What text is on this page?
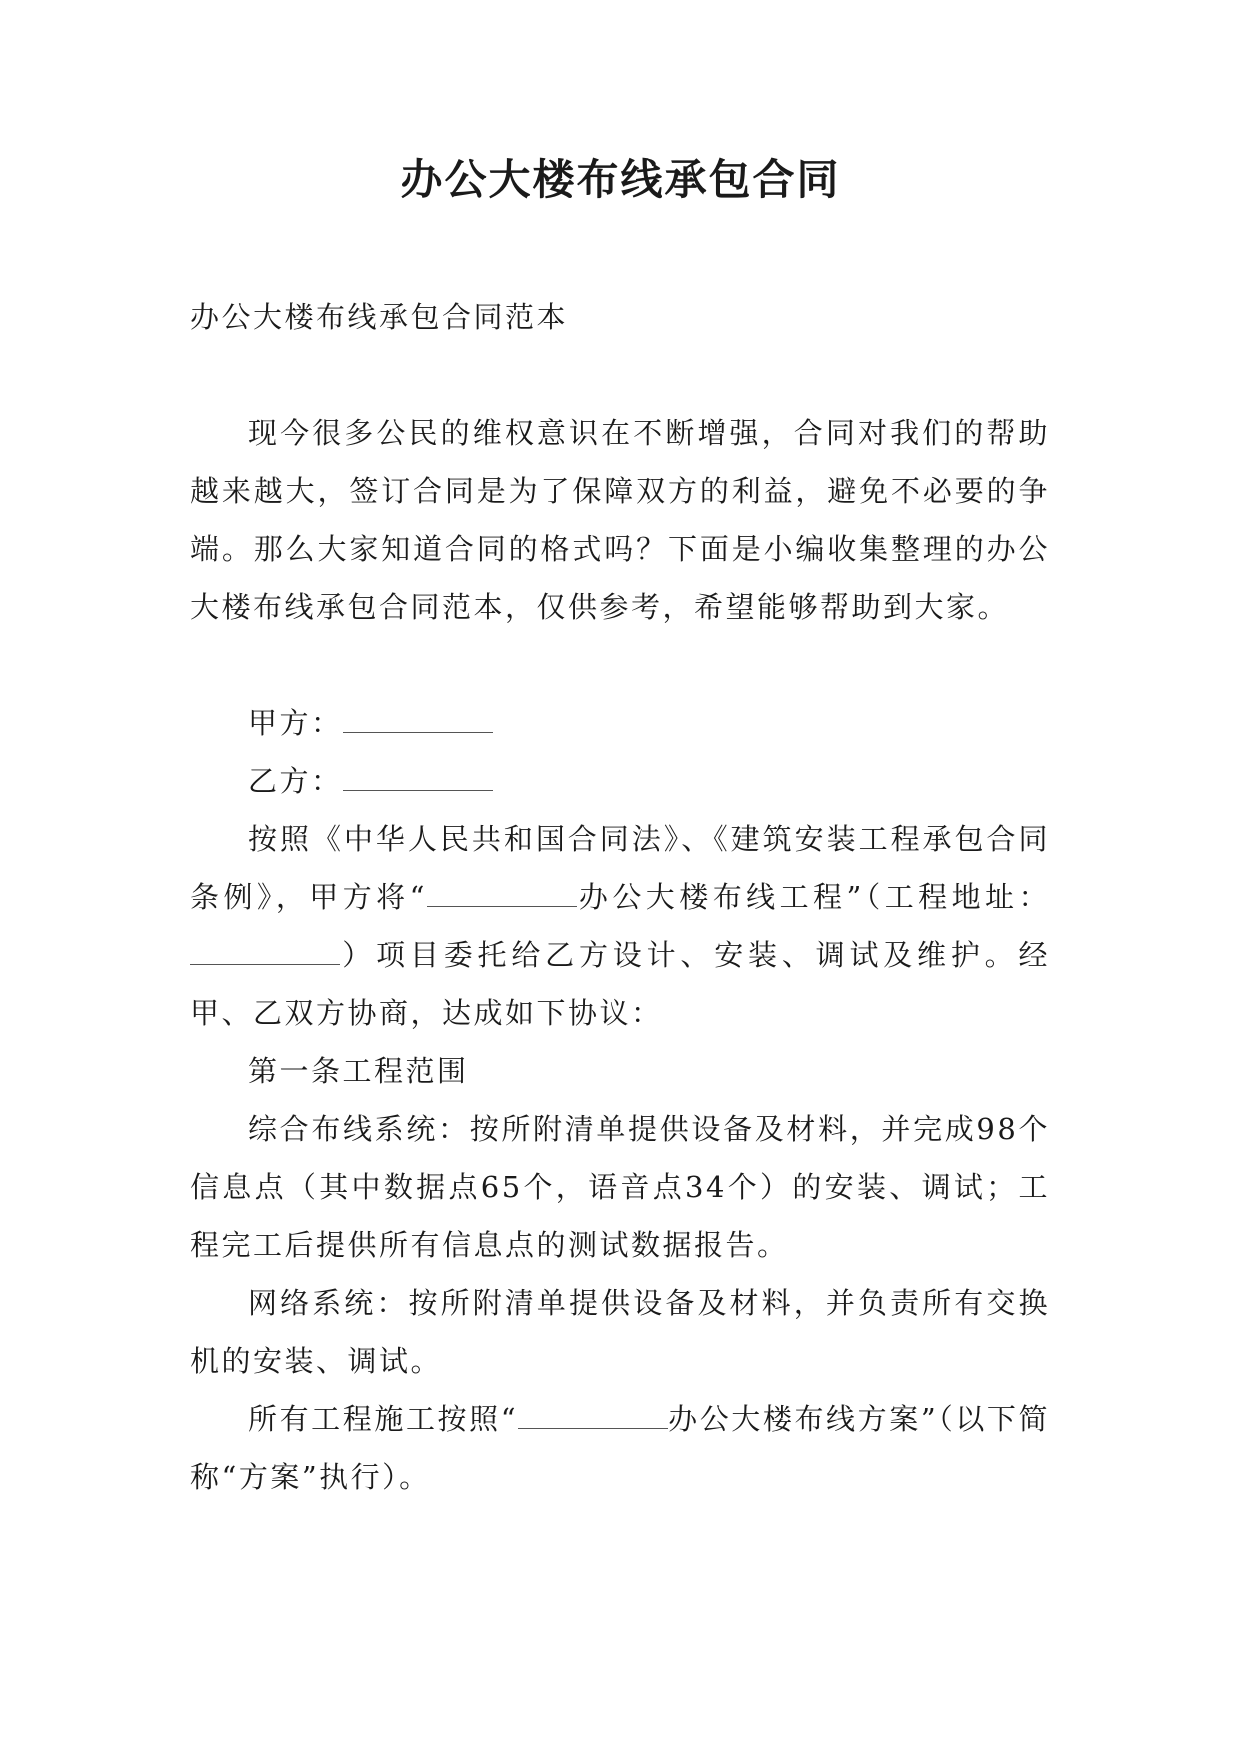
办公大楼布线承包合同

办公大楼布线承包合同范本

现今很多公民的维权意识在不断增强，合同对我们的帮助越来越大，签订合同是为了保障双方的利益，避免不必要的争端。那么大家知道合同的格式吗？下面是小编收集整理的办公大楼布线承包合同范本，仅供参考，希望能够帮助到大家。

甲方：

乙方：

按照《中华人民共和国合同法》、《建筑安装工程承包合同条例》，甲方将“	办公大楼布线工程”（工程地址：）项目委托给乙方设计、安装、调试及维护。经甲、乙双方协商，达成如下协议：

第一条工程范围

综合布线系统：按所附清单提供设备及材料，并完成98个信息点（其中数据点65个，语音点34个）的安装、调试；工程完工后提供所有信息点的测试数据报告。

网络系统：按所附清单提供设备及材料，并负责所有交换机的安装、调试。

所有工程施工按照“	办公大楼布线方案”（以下简称“方案”执行）。
